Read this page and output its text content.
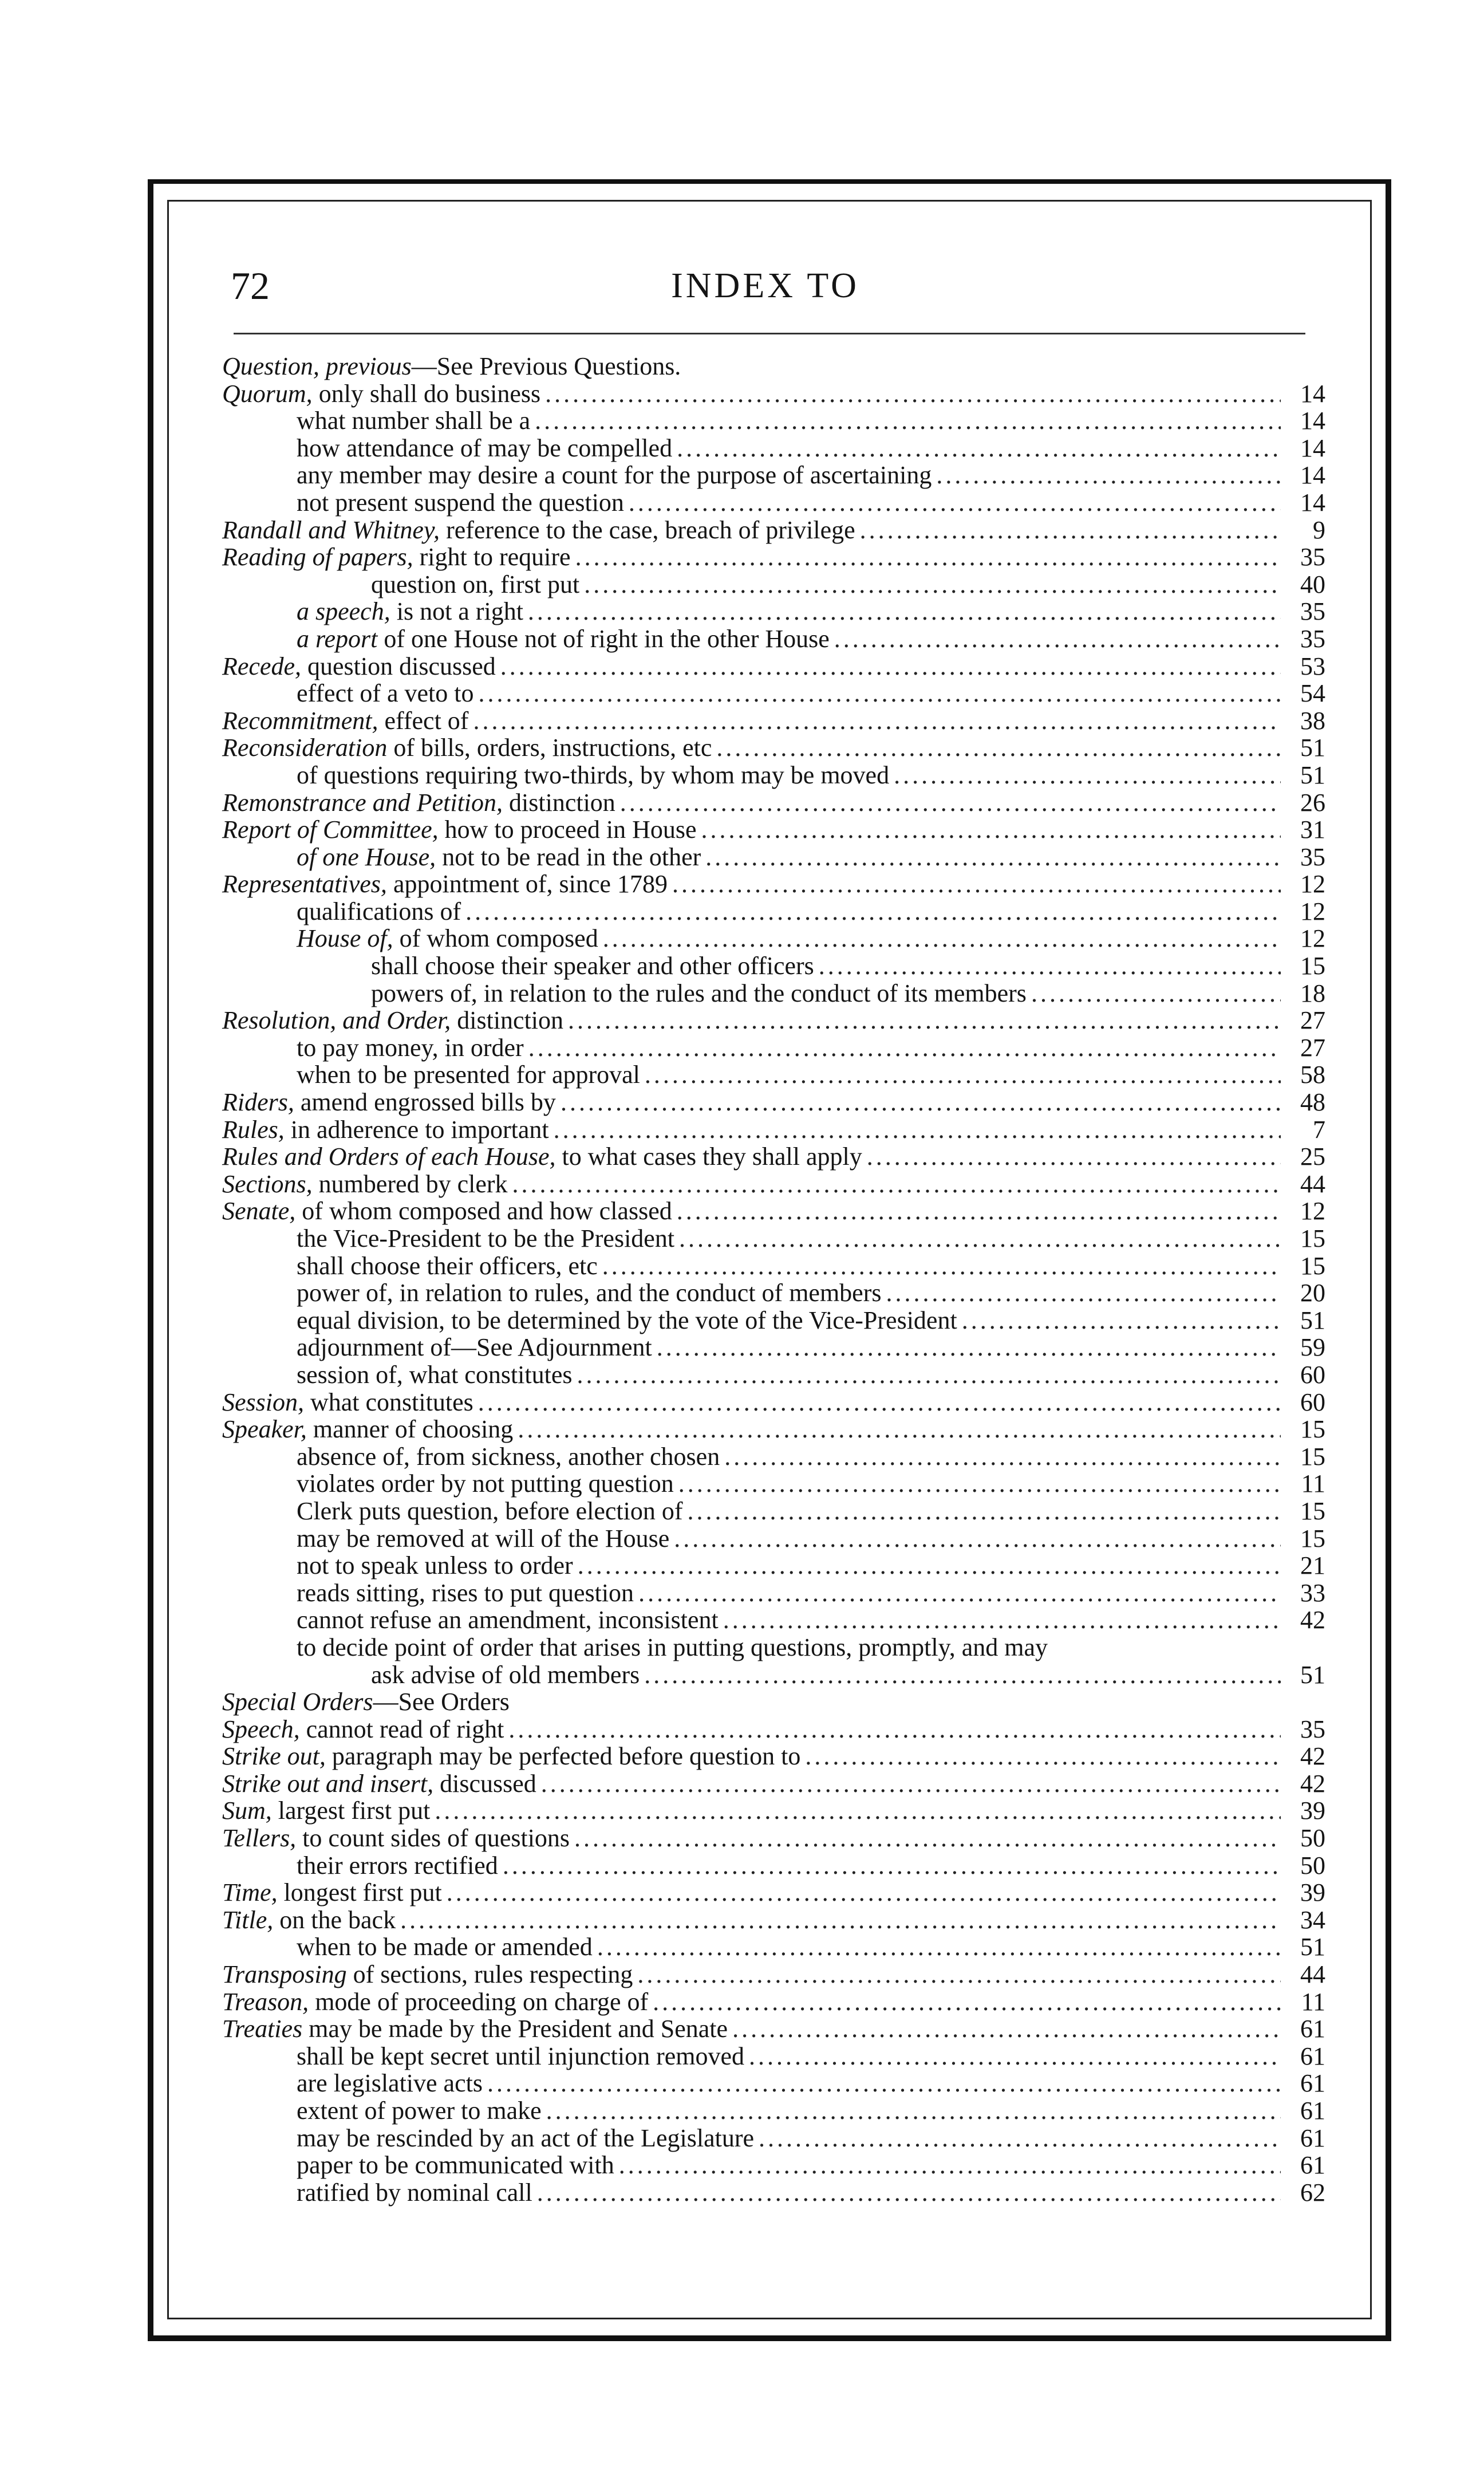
72	INDEX TO
Question, previous—See Previous Questions.
Quorum, only shall do business .....	14
what number shall be a .....	14
how attendance of may be compelled .....	14
any member may desire a count for the purpose of ascertaining .....	14
not present suspend the question .....	14
Randall and Whitney, reference to the case, breach of privilege .....	9
Reading of papers, right to require .....	35
question on, first put .....	40
a speech, is not a right .....	35
a report of one House not of right in the other House .....	35
Recede, question discussed .....	53
effect of a veto to .....	54
Recommitment, effect of .....	38
Reconsideration of bills, orders, instructions, etc .....	51
of questions requiring two-thirds, by whom may be moved .....	51
Remonstrance and Petition, distinction .....	26
Report of Committee, how to proceed in House .....	31
of one House, not to be read in the other .....	35
Representatives, appointment of, since 1789 .....	12
qualifications of .....	12
House of, of whom composed .....	12
shall choose their speaker and other officers .....	15
powers of, in relation to the rules and the conduct of its members .....	18
Resolution, and Order, distinction .....	27
to pay money, in order .....	27
when to be presented for approval .....	58
Riders, amend engrossed bills by .....	48
Rules, in adherence to important .....	7
Rules and Orders of each House, to what cases they shall apply .....	25
Sections, numbered by clerk .....	44
Senate, of whom composed and how classed .....	12
the Vice-President to be the President .....	15
shall choose their officers, etc .....	15
power of, in relation to rules, and the conduct of members .....	20
equal division, to be determined by the vote of the Vice-President .....	51
adjournment of—See Adjournment .....	59
session of, what constitutes .....	60
Session, what constitutes .....	60
Speaker, manner of choosing .....	15
absence of, from sickness, another chosen .....	15
violates order by not putting question .....	11
Clerk puts question, before election of .....	15
may be removed at will of the House .....	15
not to speak unless to order .....	21
reads sitting, rises to put question .....	33
cannot refuse an amendment, inconsistent .....	42
to decide point of order that arises in putting questions, promptly, and may
ask advise of old members .....	51
Special Orders—See Orders
Speech, cannot read of right .....	35
Strike out, paragraph may be perfected before question to .....	42
Strike out and insert, discussed .....	42
Sum, largest first put .....	39
Tellers, to count sides of questions .....	50
their errors rectified .....	50
Time, longest first put .....	39
Title, on the back .....	34
when to be made or amended .....	51
Transposing of sections, rules respecting .....	44
Treason, mode of proceeding on charge of .....	11
Treaties may be made by the President and Senate .....	61
shall be kept secret until injunction removed .....	61
are legislative acts .....	61
extent of power to make .....	61
may be rescinded by an act of the Legislature .....	61
paper to be communicated with .....	61
ratified by nominal call .....	62
